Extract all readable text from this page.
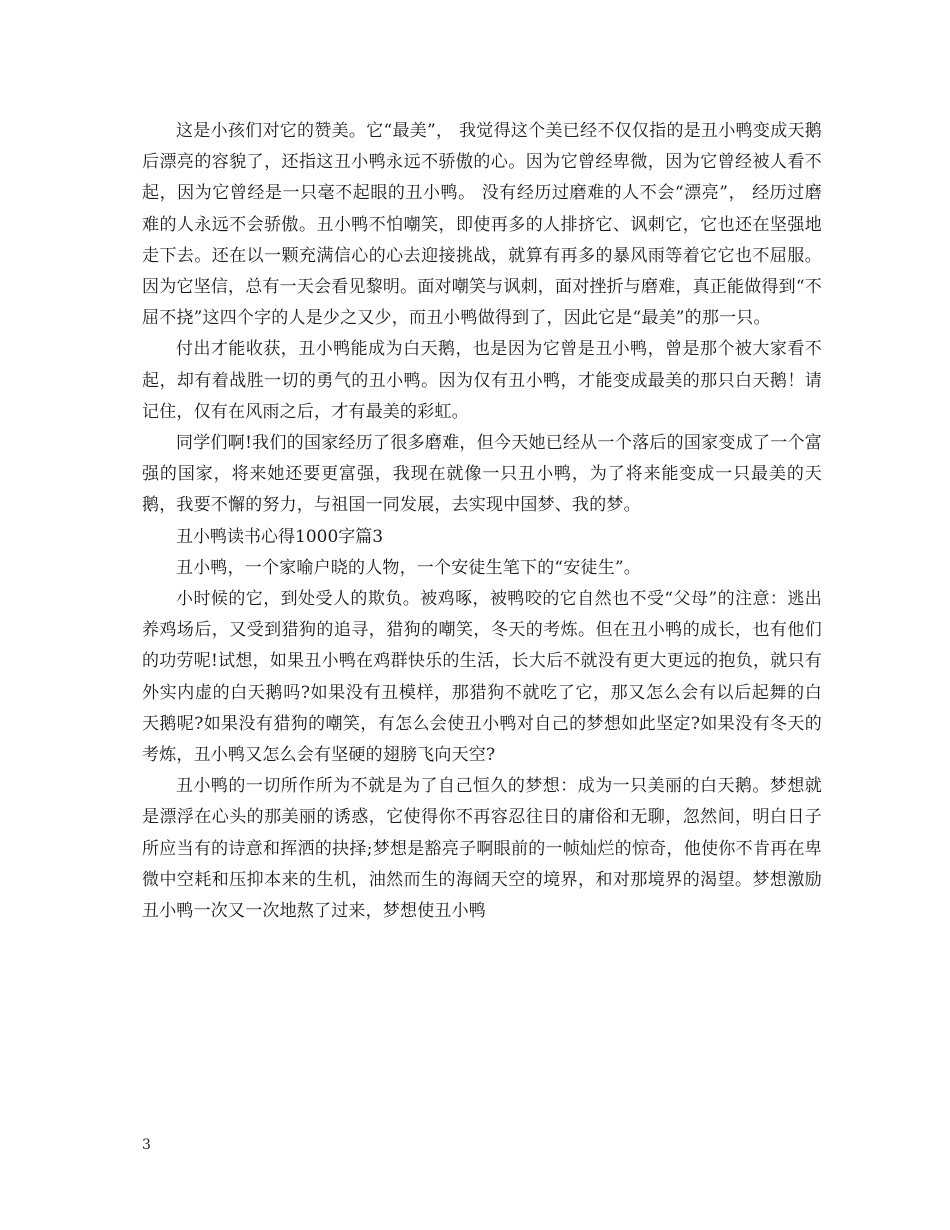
这是小孩们对它的赞美。它“最美”， 我觉得这个美已经不仅仅指的是丑小鸭变成天鹅后漂亮的容貌了，还指这丑小鸭永远不骄傲的心。因为它曾经卑微，因为它曾经被人看不起，因为它曾经是一只毫不起眼的丑小鸭。 没有经历过磨难的人不会“漂亮”， 经历过磨难的人永远不会骄傲。丑小鸭不怕嘲笑，即使再多的人排挤它、讽刺它，它也还在坚强地走下去。还在以一颗充满信心的心去迎接挑战，就算有再多的暴风雨等着它它也不屈服。因为它坚信，总有一天会看见黎明。面对嘲笑与讽刺，面对挫折与磨难，真正能做得到“不屈不挠”这四个字的人是少之又少，而丑小鸭做得到了，因此它是“最美”的那一只。

付出才能收获，丑小鸭能成为白天鹅，也是因为它曾是丑小鸭，曾是那个被大家看不起，却有着战胜一切的勇气的丑小鸭。因为仅有丑小鸭，才能变成最美的那只白天鹅！请记住，仅有在风雨之后，才有最美的彩虹。

同学们啊!我们的国家经历了很多磨难，但今天她已经从一个落后的国家变成了一个富强的国家，将来她还要更富强，我现在就像一只丑小鸭，为了将来能变成一只最美的天鹅，我要不懈的努力，与祖国一同发展，去实现中国梦、我的梦。

丑小鸭读书心得1000字篇3

丑小鸭，一个家喻户晓的人物，一个安徒生笔下的“安徒生”。

小时候的它，到处受人的欺负。被鸡啄，被鸭咬的它自然也不受“父母”的注意：逃出养鸡场后，又受到猎狗的追寻，猎狗的嘲笑，冬天的考炼。但在丑小鸭的成长，也有他们的功劳呢!试想，如果丑小鸭在鸡群快乐的生活，长大后不就没有更大更远的抱负，就只有外实内虚的白天鹅吗?如果没有丑模样，那猎狗不就吃了它，那又怎么会有以后起舞的白天鹅呢?如果没有猎狗的嘲笑，有怎么会使丑小鸭对自己的梦想如此坚定?如果没有冬天的考炼，丑小鸭又怎么会有坚硬的翅膀飞向天空?

丑小鸭的一切所作所为不就是为了自己恒久的梦想：成为一只美丽的白天鹅。梦想就是漂浮在心头的那美丽的诱惑，它使得你不再容忍往日的庸俗和无聊，忽然间，明白日子所应当有的诗意和挥洒的抉择;梦想是豁亮子啊眼前的一帧灿烂的惊奇，他使你不肯再在卑微中空耗和压抑本来的生机，油然而生的海阔天空的境界，和对那境界的渴望。梦想激励丑小鸭一次又一次地熬了过来，梦想使丑小鸭

3
